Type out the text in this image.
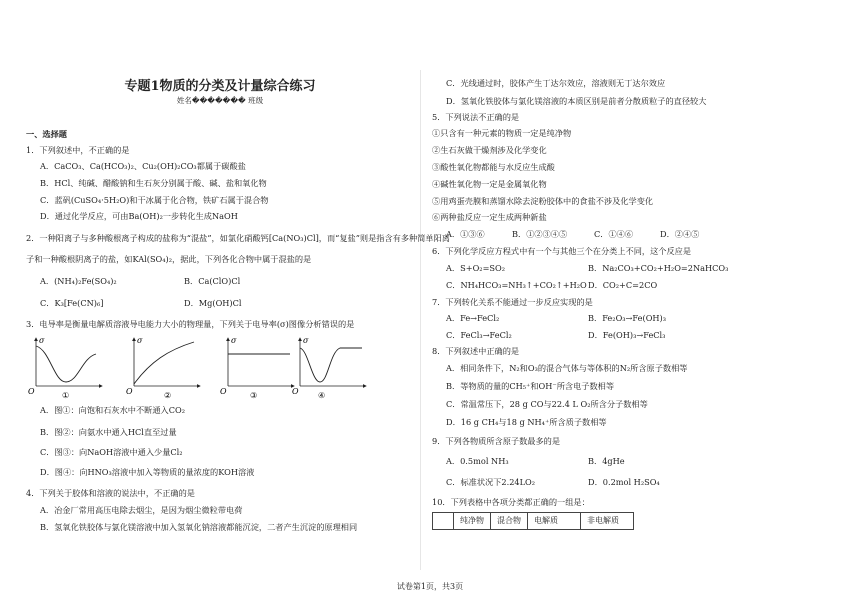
专题1物质的分类及计量综合练习
姓名������� 班级
一、选择题
1．下列叙述中，不正确的是
A．CaCO₃、Ca(HCO₃)₂、Cu₂(OH)₂CO₃都属于碳酸盐
B．HCl、纯碱、醋酸钠和生石灰分别属于酸、碱、盐和氧化物
C．蓝矾(CuSO₄·5H₂O)和干冰属于化合物，铁矿石属于混合物
D．通过化学反应，可由Ba(OH)₂一步转化生成NaOH
2．一种阳离子与多种酸根离子构成的盐称为“混盐”，如氯化硝酸钙[Ca(NO₃)Cl]，而“复盐”则是指含有多种简单阳离
子和一种酸根阴离子的盐，如KAl(SO₄)₂，据此，下列各化合物中属于混盐的是
A．(NH₄)₂Fe(SO₄)₂	B．Ca(ClO)Cl
C．K₃[Fe(CN)₆]	D．Mg(OH)Cl
3．电导率是衡量电解质溶液导电能力大小的物理量，下列关于电导率(σ)图像分析错误的是
σ
O	①
σ
O	②
σ
O	③
σ
O ④
A．图①：向饱和石灰水中不断通入CO₂
B．图②：向氨水中通入HCl直至过量
C．图③：向NaOH溶液中通入少量Cl₂
D．图④：向HNO₃溶液中加入等物质的量浓度的KOH溶液
4．下列关于胶体和溶液的说法中，不正确的是
A．冶金厂常用高压电除去烟尘，是因为烟尘微粒带电荷
B．氢氧化铁胶体与氯化镁溶液中加入氢氧化钠溶液都能沉淀，二者产生沉淀的原理相同
C．光线通过时，胶体产生丁达尔效应，溶液则无丁达尔效应
D．氢氧化铁胶体与氯化镁溶液的本质区别是前者分散质粒子的直径较大
5．下列说法不正确的是
①只含有一种元素的物质一定是纯净物
②生石灰做干燥剂涉及化学变化
③酸性氧化物都能与水反应生成酸
④碱性氧化物一定是金属氧化物
⑤用鸡蛋壳膜和蒸馏水除去淀粉胶体中的食盐不涉及化学变化
⑥两种盐反应一定生成两种新盐
A．①③⑥	B．①②③④⑤	C．①④⑥	D．②④⑤
6．下列化学反应方程式中有一个与其他三个在分类上不同，这个反应是
A．S+O₂=SO₂	B．Na₂CO₃+CO₂+H₂O=2NaHCO₃
C．NH₄HCO₃=NH₃↑+CO₂↑+H₂O D．CO₂+C=2CO
7．下列转化关系不能通过一步反应实现的是
A．Fe→FeCl₂	B．Fe₂O₃→Fe(OH)₃
C．FeCl₃→FeCl₂	D．Fe(OH)₃→FeCl₃
8．下列叙述中正确的是
A．相同条件下，N₂和O₃的混合气体与等体积的N₂所含原子数相等
B．等物质的量的CH₅⁺和OH⁻所含电子数相等
C．常温常压下，28 g CO与22.4 L O₂所含分子数相等
D．16 g CH₄与18 g NH₄⁺所含质子数相等
9．下列各物质所含原子数最多的是
A．0.5mol NH₃	B．4gHe
C．标准状况下2.24LO₂	D．0.2mol H₂SO₄
10．下列表格中各项分类都正确的一组是：
	纯净物	混合物	电解质	非电解质
试卷第1页，共3页
